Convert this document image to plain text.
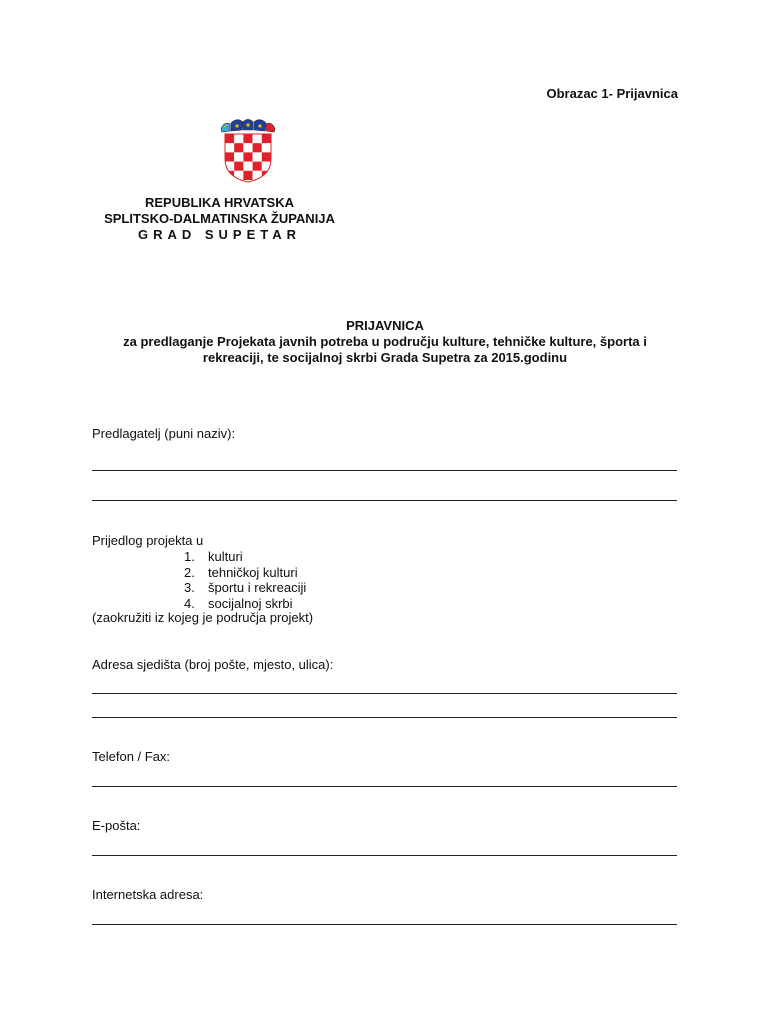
Obrazac 1- Prijavnica
REPUBLIKA HRVATSKA
SPLITSKO-DALMATINSKA ŽUPANIJA
GRAD SUPETAR
PRIJAVNICA
za predlaganje Projekata javnih potreba u području kulture, tehničke kulture, športa i
rekreaciji, te socijalnoj skrbi Grada Supetra za 2015.godinu
Predlagatelj (puni naziv):
Prijedlog projekta u
1.	kulturi
2.	tehničkoj kulturi
3.	športu i rekreaciji
4.	socijalnoj skrbi
(zaokružiti iz kojeg je područja projekt)
Adresa sjedišta (broj pošte, mjesto, ulica):
Telefon / Fax:
E-pošta:
Internetska adresa:
